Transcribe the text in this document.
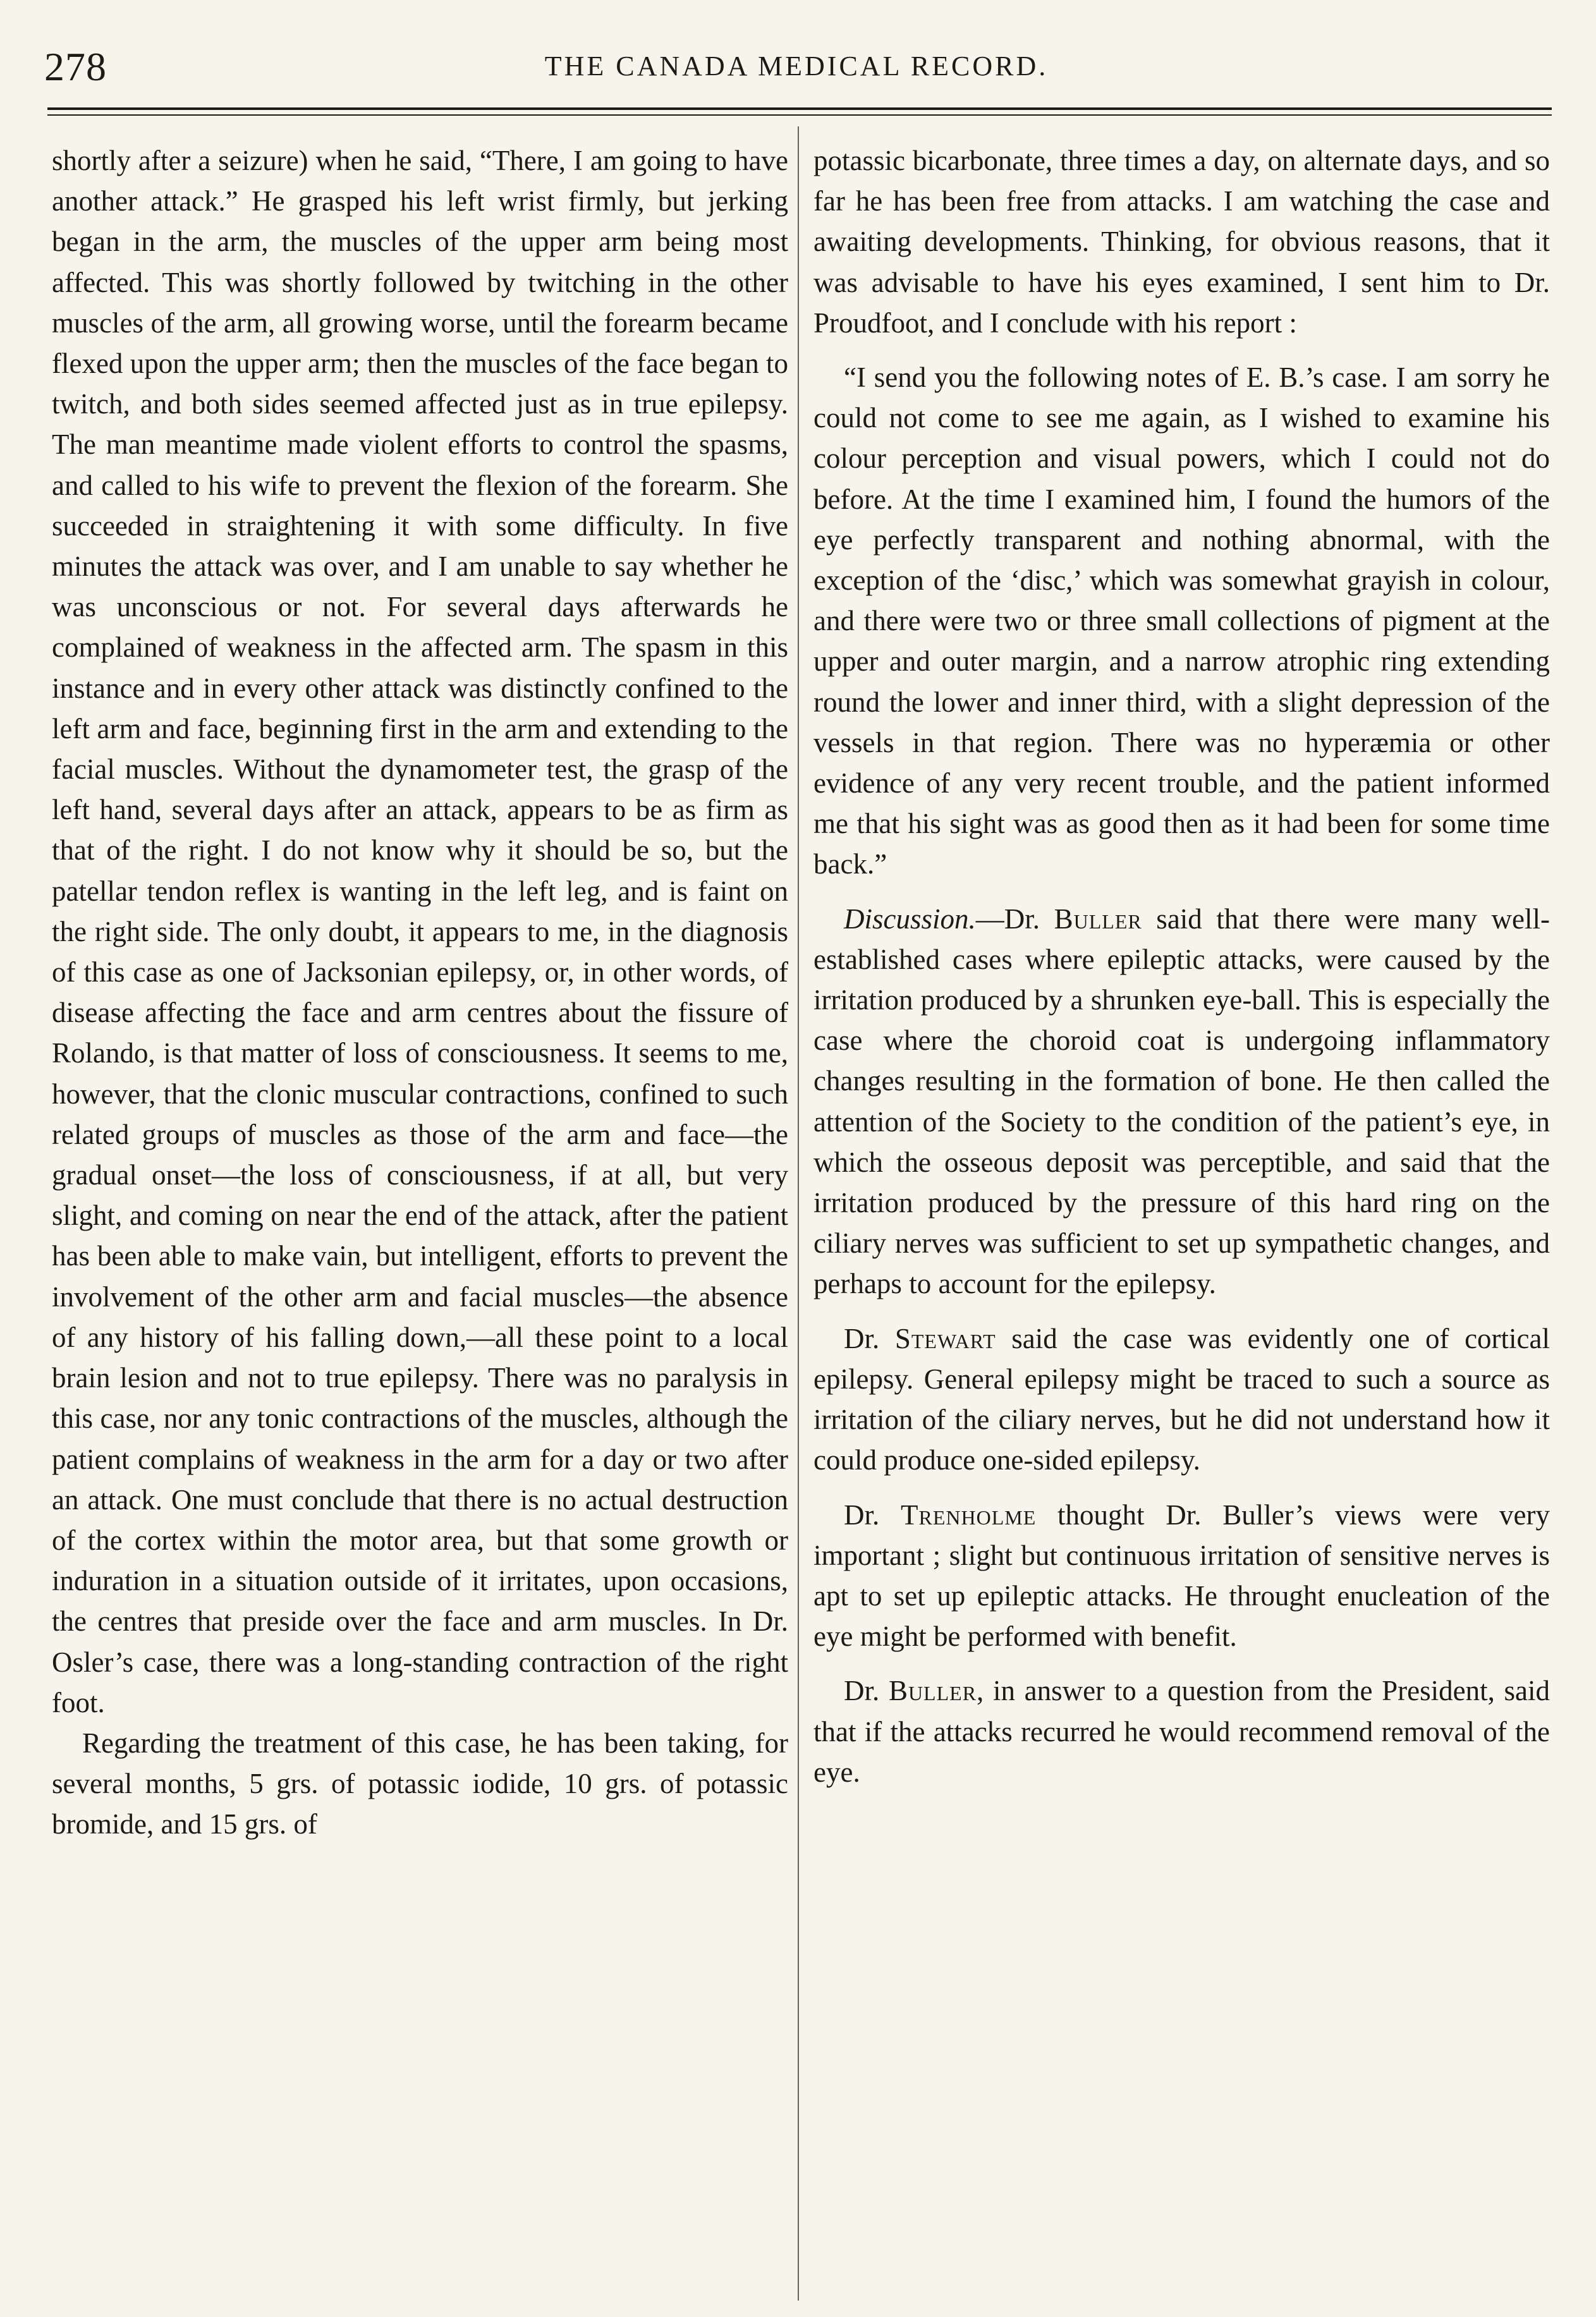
278	THE CANADA MEDICAL RECORD.

shortly after a seizure) when he said, “There, I am going to have another attack.” He grasped his left wrist firmly, but jerking began in the arm, the muscles of the upper arm being most affected. This was shortly followed by twitching in the other muscles of the arm, all growing worse, until the forearm became flexed upon the upper arm; then the muscles of the face began to twitch, and both sides seemed affected just as in true epilepsy. The man meantime made violent efforts to control the spasms, and called to his wife to prevent the flexion of the forearm. She succeeded in straightening it with some difficulty. In five minutes the attack was over, and I am unable to say whether he was unconscious or not. For several days afterwards he complained of weakness in the affected arm. The spasm in this instance and in every other attack was distinctly confined to the left arm and face, beginning first in the arm and extending to the facial muscles. Without the dynamometer test, the grasp of the left hand, several days after an attack, appears to be as firm as that of the right. I do not know why it should be so, but the patellar tendon reflex is wanting in the left leg, and is faint on the right side. The only doubt, it appears to me, in the diagnosis of this case as one of Jacksonian epilepsy, or, in other words, of disease affecting the face and arm centres about the fissure of Rolando, is that matter of loss of consciousness. It seems to me, however, that the clonic muscular contractions, confined to such related groups of muscles as those of the arm and face—the gradual onset—the loss of consciousness, if at all, but very slight, and coming on near the end of the attack, after the patient has been able to make vain, but intelligent, efforts to prevent the involvement of the other arm and facial muscles—the absence of any history of his falling down,—all these point to a local brain lesion and not to true epilepsy. There was no paralysis in this case, nor any tonic contractions of the muscles, although the patient complains of weakness in the arm for a day or two after an attack. One must conclude that there is no actual destruction of the cortex within the motor area, but that some growth or induration in a situation outside of it irritates, upon occasions, the centres that preside over the face and arm muscles. In Dr. Osler’s case, there was a long-standing contraction of the right foot.

Regarding the treatment of this case, he has been taking, for several months, 5 grs. of potassic iodide, 10 grs. of potassic bromide, and 15 grs. of

potassic bicarbonate, three times a day, on alternate days, and so far he has been free from attacks. I am watching the case and awaiting developments. Thinking, for obvious reasons, that it was advisable to have his eyes examined, I sent him to Dr. Proudfoot, and I conclude with his report :

“I send you the following notes of E. B.’s case. I am sorry he could not come to see me again, as I wished to examine his colour perception and visual powers, which I could not do before. At the time I examined him, I found the humors of the eye perfectly transparent and nothing abnormal, with the exception of the ‘disc,’ which was somewhat grayish in colour, and there were two or three small collections of pigment at the upper and outer margin, and a narrow atrophic ring extending round the lower and inner third, with a slight depression of the vessels in that region. There was no hyperæmia or other evidence of any very recent trouble, and the patient informed me that his sight was as good then as it had been for some time back.”

Discussion.—Dr. Buller said that there were many well-established cases where epileptic attacks, were caused by the irritation produced by a shrunken eye-ball. This is especially the case where the choroid coat is undergoing inflammatory changes resulting in the formation of bone. He then called the attention of the Society to the condition of the patient’s eye, in which the osseous deposit was perceptible, and said that the irritation produced by the pressure of this hard ring on the ciliary nerves was sufficient to set up sympathetic changes, and perhaps to account for the epilepsy.

Dr. Stewart said the case was evidently one of cortical epilepsy. General epilepsy might be traced to such a source as irritation of the ciliary nerves, but he did not understand how it could produce one-sided epilepsy.

Dr. Trenholme thought Dr. Buller’s views were very important ; slight but continuous irritation of sensitive nerves is apt to set up epileptic attacks. He throught enucleation of the eye might be performed with benefit.

Dr. Buller, in answer to a question from the President, said that if the attacks recurred he would recommend removal of the eye.
